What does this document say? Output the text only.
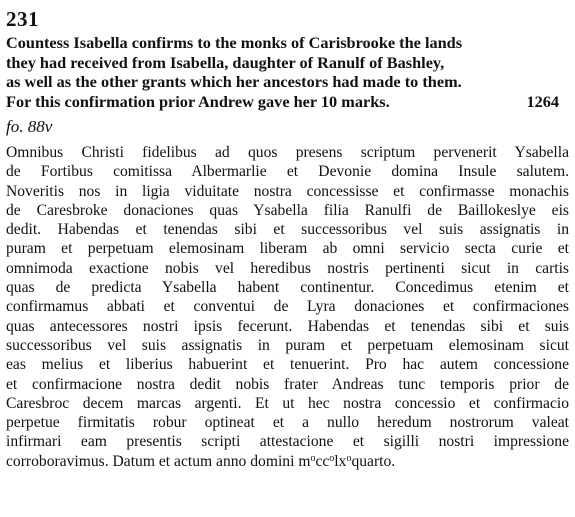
231
Countess Isabella confirms to the monks of Carisbrooke the lands
they had received from Isabella, daughter of Ranulf of Bashley,
as well as the other grants which her ancestors had made to them.
For this confirmation prior Andrew gave her 10 marks.	1264
fo. 88v
Omnibus Christi fidelibus ad quos presens scriptum pervenerit Ysabella
de Fortibus comitissa Albermarlie et Devonie domina Insule salutem.
Noveritis nos in ligia viduitate nostra concessisse et confirmasse monachis
de Caresbroke donaciones quas Ysabella filia Ranulfi de Baillokeslye eis
dedit. Habendas et tenendas sibi et successoribus vel suis assignatis in
puram et perpetuam elemosinam liberam ab omni servicio secta curie et
omnimoda exactione nobis vel heredibus nostris pertinenti sicut in cartis
quas de predicta Ysabella habent continentur. Concedimus etenim et
confirmamus abbati et conventui de Lyra donaciones et confirmaciones
quas antecessores nostri ipsis fecerunt. Habendas et tenendas sibi et suis
successoribus vel suis assignatis in puram et perpetuam elemosinam sicut
eas melius et liberius habuerint et tenuerint. Pro hac autem concessione
et confirmacione nostra dedit nobis frater Andreas tunc temporis prior de
Caresbroc decem marcas argenti. Et ut hec nostra concessio et confirmacio
perpetue firmitatis robur optineat et a nullo heredum nostrorum valeat
infirmari eam presentis scripti attestacione et sigilli nostri impressione
corroboravimus. Datum et actum anno domini $m^occ^olx^oquarto$.
